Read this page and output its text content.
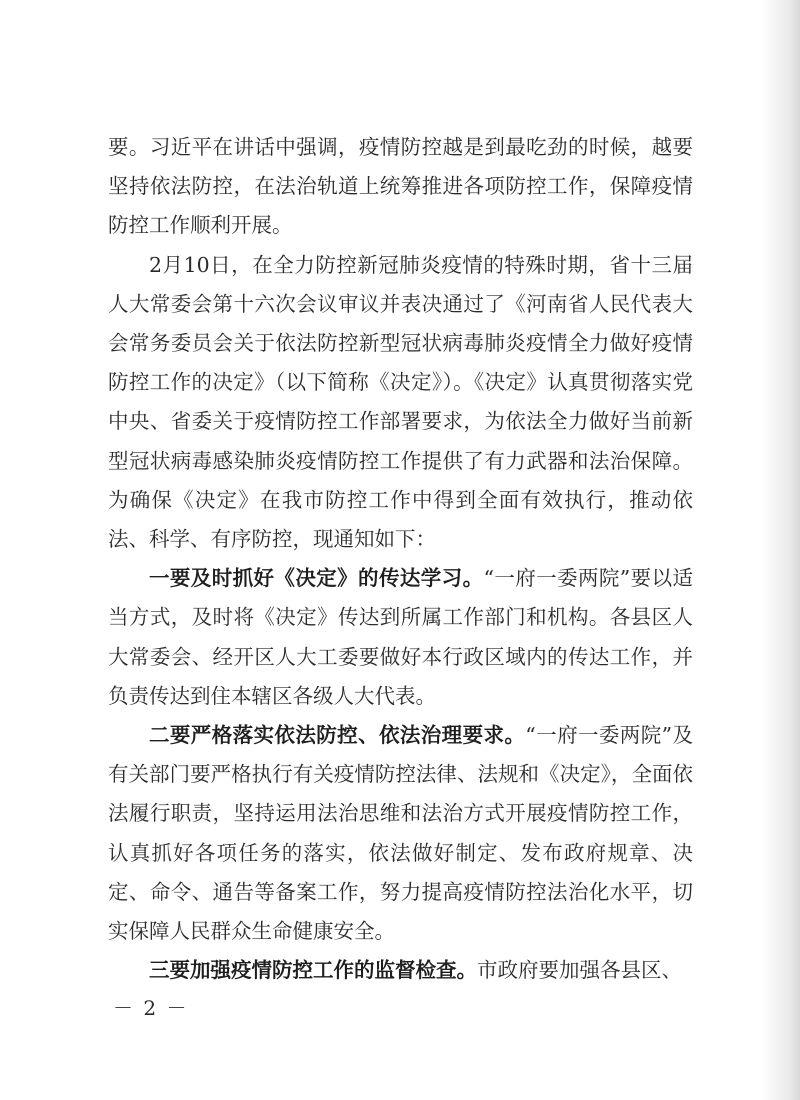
要。习近平在讲话中强调，疫情防控越是到最吃劲的时候，越要坚持依法防控，在法治轨道上统筹推进各项防控工作，保障疫情防控工作顺利开展。

2月10日，在全力防控新冠肺炎疫情的特殊时期，省十三届人大常委会第十六次会议审议并表决通过了《河南省人民代表大会常务委员会关于依法防控新型冠状病毒肺炎疫情全力做好疫情防控工作的决定》（以下简称《决定》）。《决定》认真贯彻落实党中央、省委关于疫情防控工作部署要求，为依法全力做好当前新型冠状病毒感染肺炎疫情防控工作提供了有力武器和法治保障。为确保《决定》在我市防控工作中得到全面有效执行，推动依法、科学、有序防控，现通知如下：

一要及时抓好《决定》的传达学习。“一府一委两院”要以适当方式，及时将《决定》传达到所属工作部门和机构。各县区人大常委会、经开区人大工委要做好本行政区域内的传达工作，并负责传达到住本辖区各级人大代表。

二要严格落实依法防控、依法治理要求。“一府一委两院”及有关部门要严格执行有关疫情防控法律、法规和《决定》，全面依法履行职责，坚持运用法治思维和法治方式开展疫情防控工作，认真抓好各项任务的落实，依法做好制定、发布政府规章、决定、命令、通告等备案工作，努力提高疫情防控法治化水平，切实保障人民群众生命健康安全。

三要加强疫情防控工作的监督检查。市政府要加强各县区、

－ 2 －
